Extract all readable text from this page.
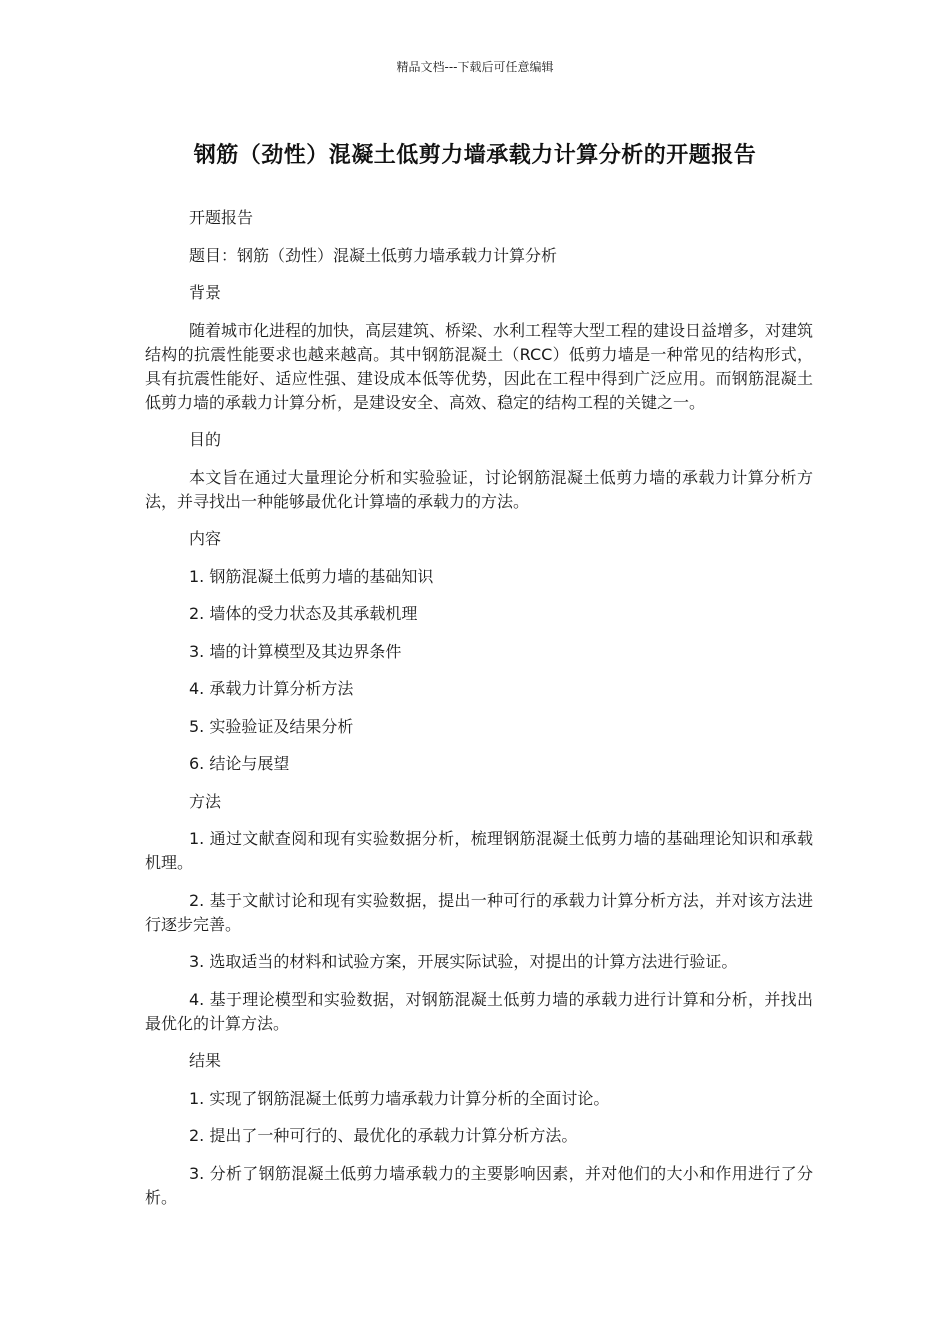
精品文档---下载后可任意编辑
钢筋（劲性）混凝土低剪力墙承载力计算分析的开题报告

开题报告

题目：钢筋（劲性）混凝土低剪力墙承载力计算分析

背景

随着城市化进程的加快，高层建筑、桥梁、水利工程等大型工程的建设日益增多，对建筑结构的抗震性能要求也越来越高。其中钢筋混凝土（RCC）低剪力墙是一种常见的结构形式，具有抗震性能好、适应性强、建设成本低等优势，因此在工程中得到广泛应用。而钢筋混凝土低剪力墙的承载力计算分析，是建设安全、高效、稳定的结构工程的关键之一。

目的

本文旨在通过大量理论分析和实验验证，讨论钢筋混凝土低剪力墙的承载力计算分析方法，并寻找出一种能够最优化计算墙的承载力的方法。

内容

1. 钢筋混凝土低剪力墙的基础知识

2. 墙体的受力状态及其承载机理

3. 墙的计算模型及其边界条件

4. 承载力计算分析方法

5. 实验验证及结果分析

6. 结论与展望

方法

1. 通过文献查阅和现有实验数据分析，梳理钢筋混凝土低剪力墙的基础理论知识和承载机理。

2. 基于文献讨论和现有实验数据，提出一种可行的承载力计算分析方法，并对该方法进行逐步完善。

3. 选取适当的材料和试验方案，开展实际试验，对提出的计算方法进行验证。

4. 基于理论模型和实验数据，对钢筋混凝土低剪力墙的承载力进行计算和分析，并找出最优化的计算方法。

结果

1. 实现了钢筋混凝土低剪力墙承载力计算分析的全面讨论。

2. 提出了一种可行的、最优化的承载力计算分析方法。

3. 分析了钢筋混凝土低剪力墙承载力的主要影响因素，并对他们的大小和作用进行了分析。
